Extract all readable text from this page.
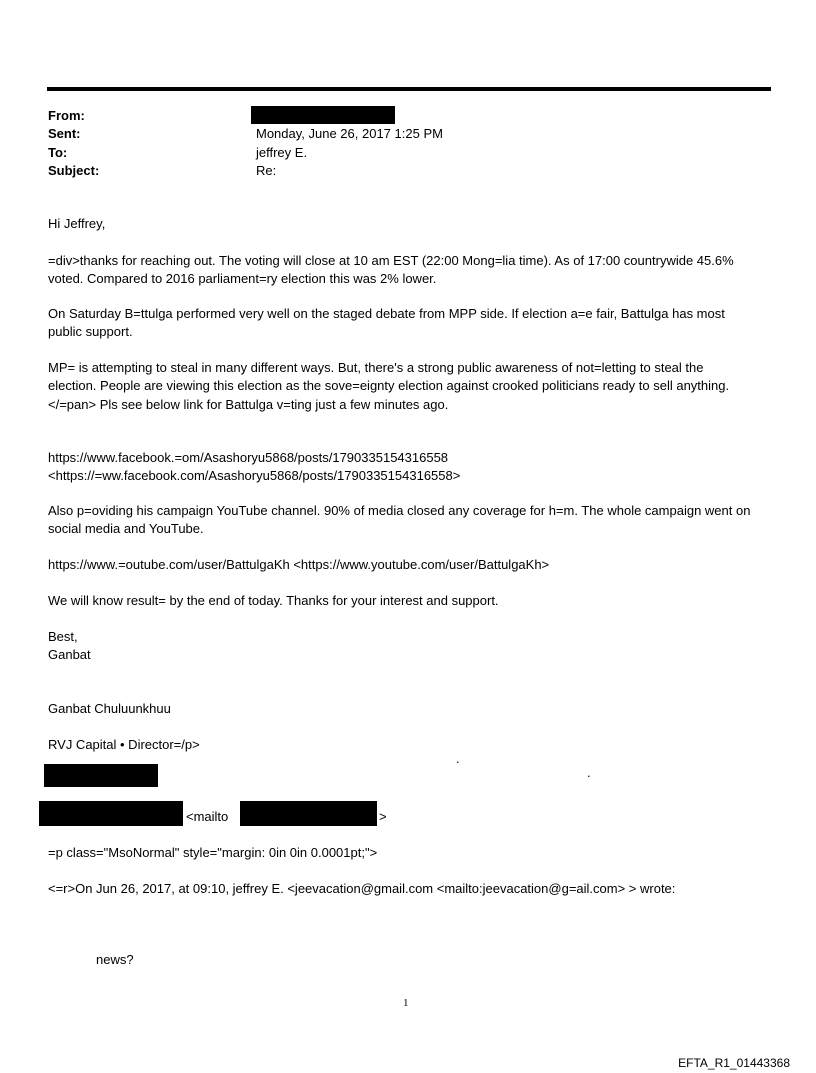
From:
Sent:	Monday, June 26, 2017 1:25 PM
To:	jeffrey E.
Subject:	Re:
Hi Jeffrey,
=div>thanks for reaching out. The voting will close at 10 am EST (22:00 Mong=lia time). As of 17:00 countrywide 45.6%
voted. Compared to 2016 parliament=ry election this was 2% lower.
On Saturday B=ttulga performed very well on the staged debate from MPP side. If election a=e fair, Battulga has most
public support.
MP= is attempting to steal in many different ways. But, there's a strong public awareness of not=letting to steal the
election. People are viewing this election as the sove=eignty election against crooked politicians ready to sell anything.
</=pan> Pls see below link for Battulga v=ting just a few minutes ago.
https://www.facebook.=om/Asashoryu5868/posts/1790335154316558
<https://=ww.facebook.com/Asashoryu5868/posts/1790335154316558>
Also p=oviding his campaign YouTube channel. 90% of media closed any coverage for h=m. The whole campaign went on
social media and YouTube.
https://www.=outube.com/user/BattulgaKh <https://www.youtube.com/user/BattulgaKh>
We will know result= by the end of today. Thanks for your interest and support.
Best,
Ganbat
Ganbat Chuluunkhuu
RVJ Capital • Director=/p>
.
.
<mailto	>
=p class="MsoNormal" style="margin: 0in 0in 0.0001pt;">
<=r>On Jun 26, 2017, at 09:10, jeffrey E. <jeevacation@gmail.com <mailto:jeevacation@g=ail.com> > wrote:
news?
1
EFTA_R1_01443368
